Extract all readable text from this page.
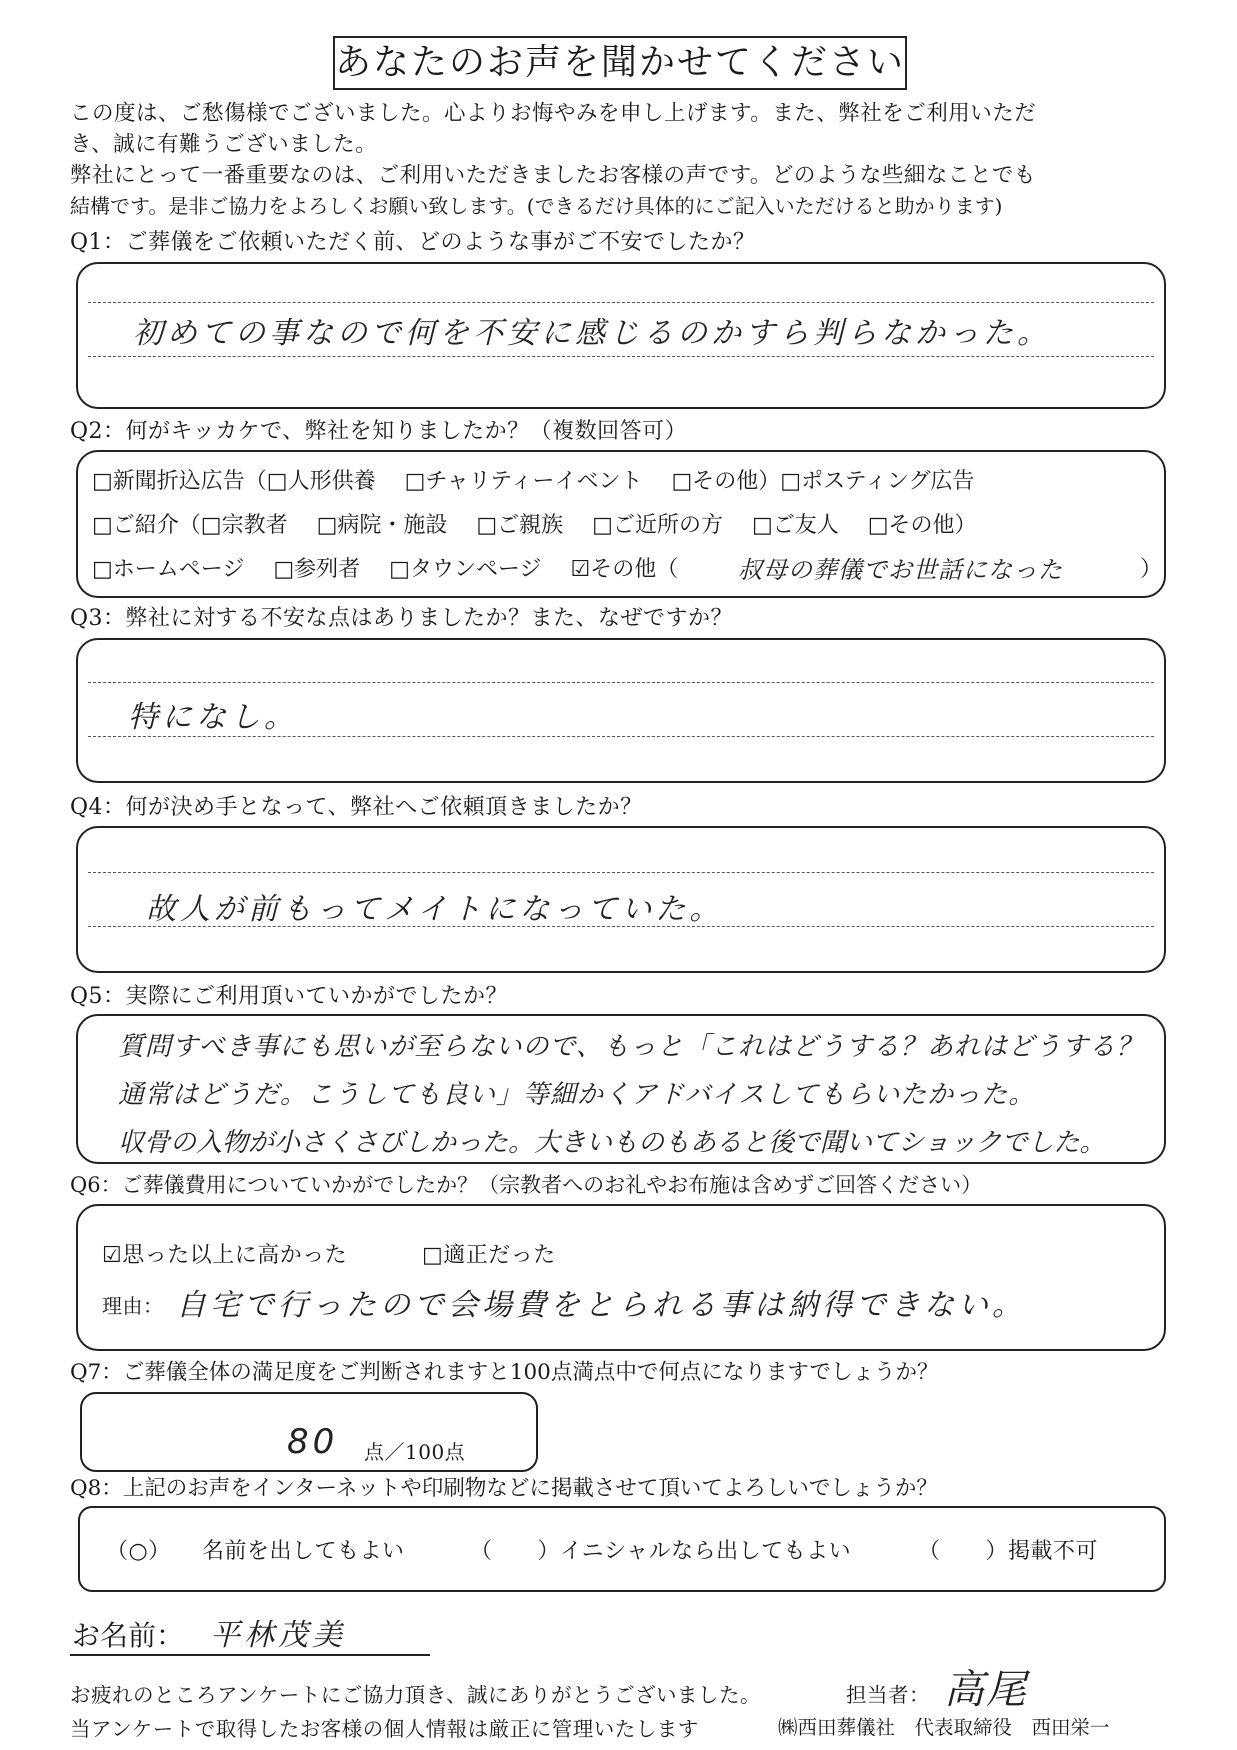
あなたのお声を聞かせてください
この度は、ご愁傷様でございました。心よりお悔やみを申し上げます。また、弊社をご利用いただ
き、誠に有難うございました。
弊社にとって一番重要なのは、ご利用いただきましたお客様の声です。どのような些細なことでも
結構です。是非ご協力をよろしくお願い致します。(できるだけ具体的にご記入いただけると助かります)
Q1：ご葬儀をご依頼いただく前、どのような事がご不安でしたか？
初めての事なので何を不安に感じるのかすら判らなかった。
Q2：何がキッカケで、弊社を知りましたか？（複数回答可）
□新聞折込広告（□人形供養 □チャリティーイベント □その他）□ポスティング広告
□ご紹介（□宗教者 □病院・施設 □ご親族 □ご近所の方 □ご友人 □その他）
□ホームページ □参列者 □タウンページ ☑その他（ 叔母の葬儀でお世話になった	）
Q3：弊社に対する不安な点はありましたか？また、なぜですか？
特になし。
Q4：何が決め手となって、弊社へご依頼頂きましたか？
故人が前もってメイトになっていた。
Q5：実際にご利用頂いていかがでしたか？
質問すべき事にも思いが至らないので、もっと「これはどうする？あれはどうする？
通常はどうだ。こうしても良い」等細かくアドバイスしてもらいたかった。
収骨の入物が小さくさびしかった。大きいものもあると後で聞いてショックでした。
Q6：ご葬儀費用についていかがでしたか？（宗教者へのお礼やお布施は含めずご回答ください）
☑思った以上に高かった	□適正だった
理由： 自宅で行ったので会場費をとられる事は納得できない。
Q7：ご葬儀全体の満足度をご判断されますと100点満点中で何点になりますでしょうか？
80 点／100点
Q8：上記のお声をインターネットや印刷物などに掲載させて頂いてよろしいでしょうか？
（○） 名前を出してもよい	（　　）イニシャルなら出してもよい	（　　）掲載不可
お名前： 平林茂美
お疲れのところアンケートにご協力頂き、誠にありがとうございました。	担当者： 高尾
当アンケートで取得したお客様の個人情報は厳正に管理いたします	㈱西田葬儀社　代表取締役　西田栄一
